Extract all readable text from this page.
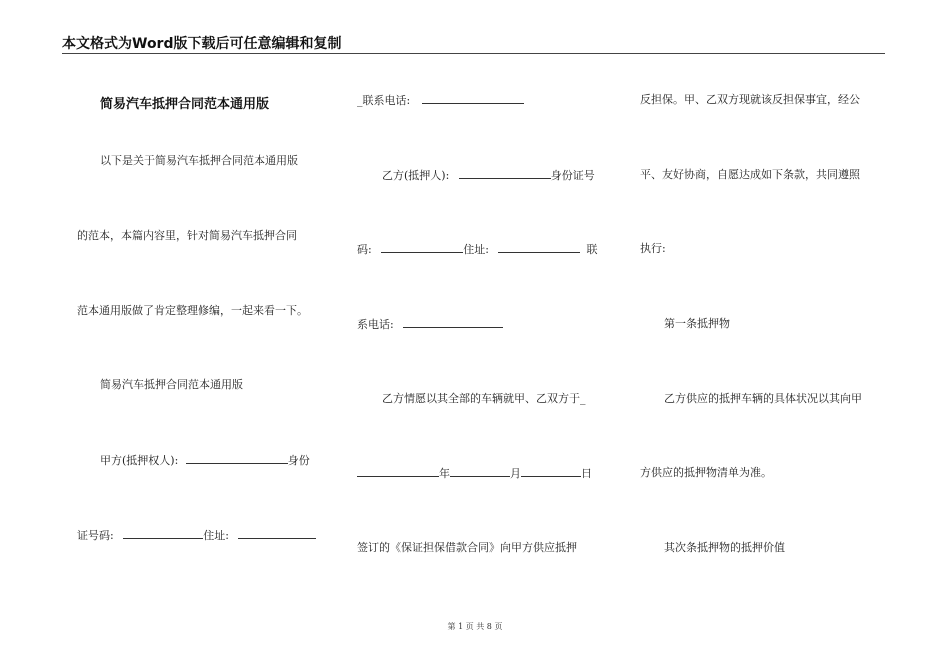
本文格式为Word版下载后可任意编辑和复制
简易汽车抵押合同范本通用版
以下是关于简易汽车抵押合同范本通用版
的范本，本篇内容里，针对简易汽车抵押合同
范本通用版做了肯定整理修编，一起来看一下。
简易汽车抵押合同范本通用版
甲方(抵押权人):	身份
证号码:	住址:
_联系电话:
乙方(抵押人):	身份证号
码:	住址:	联
系电话:
乙方情愿以其全部的车辆就甲、乙双方于_
年	月	日
签订的《保证担保借款合同》向甲方供应抵押
反担保。甲、乙双方现就该反担保事宜，经公
平、友好协商，自愿达成如下条款，共同遵照
执行:
第一条抵押物
乙方供应的抵押车辆的具体状况以其向甲
方供应的抵押物清单为准。
其次条抵押物的抵押价值
第 1 页 共 8 页
